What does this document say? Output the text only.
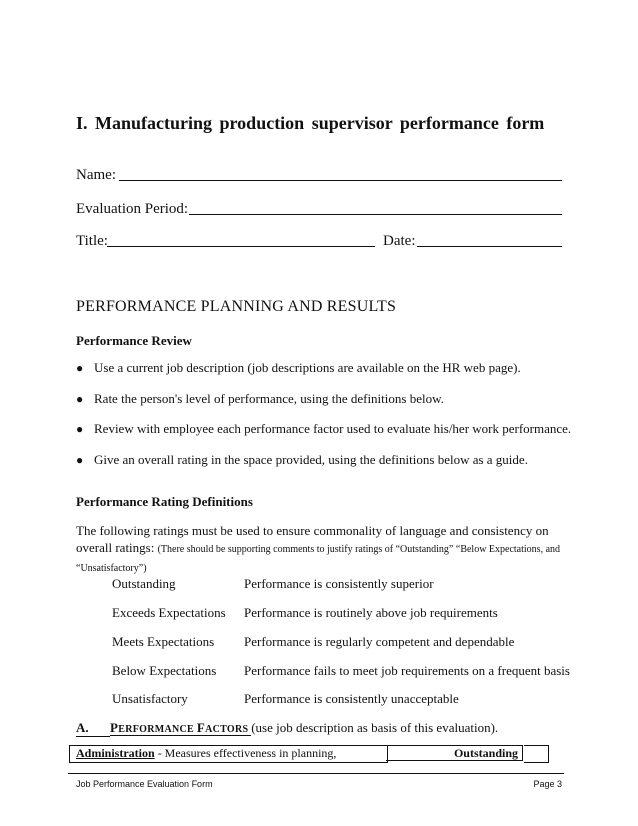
I. Manufacturing production supervisor performance form
Name:
Evaluation Period:
Title:	Date:
PERFORMANCE PLANNING AND RESULTS
Performance Review
● Use a current job description (job descriptions are available on the HR web page).
● Rate the person's level of performance, using the definitions below.
● Review with employee each performance factor used to evaluate his/her work performance.
● Give an overall rating in the space provided, using the definitions below as a guide.
Performance Rating Definitions
The following ratings must be used to ensure commonality of language and consistency on
overall ratings: (There should be supporting comments to justify ratings of “Outstanding” “Below Expectations, and “Unsatisfactory”)
Outstanding	Performance is consistently superior
Exceeds Expectations Performance is routinely above job requirements
Meets Expectations Performance is regularly competent and dependable
Below Expectations Performance fails to meet job requirements on a frequent basis
Unsatisfactory	Performance is consistently unacceptable
A. PERFORMANCE FACTORS (use job description as basis of this evaluation).
Administration - Measures effectiveness in planning,	Outstanding
Job Performance Evaluation Form	Page 3
